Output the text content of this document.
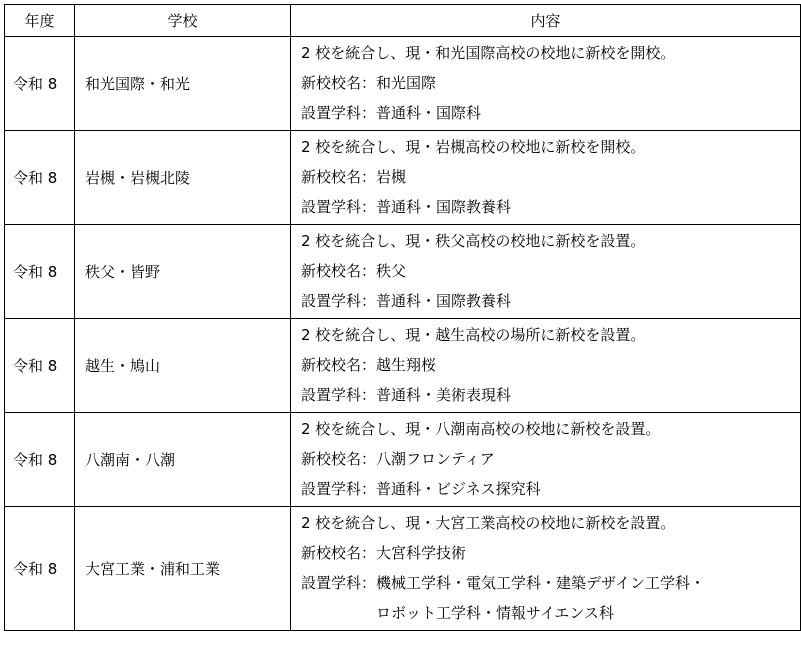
年度	学校	内容
令和 8	和光国際・和光	2 校を統合し、現・和光国際高校の校地に新校を開校。
新校校名：和光国際
設置学科： 普通科・国際科

令和 8	岩槻・岩槻北陵	2 校を統合し、現・岩槻高校の校地に新校を開校。
新校校名：岩槻
設置学科： 普通科・国際教養科

令和 8	秩父・皆野	2 校を統合し、現・秩父高校の校地に新校を設置。
新校校名：秩父
設置学科： 普通科・国際教養科

令和 8	越生・鳩山	2 校を統合し、現・越生高校の場所に新校を設置。
新校校名：越生翔桜
設置学科： 普通科・美術表現科

令和 8	八潮南・八潮	2 校を統合し、現・八潮南高校の校地に新校を設置。
新校校名：八潮フロンティア
設置学科： 普通科・ビジネス探究科

令和 8	大宮工業・浦和工業	2 校を統合し、現・大宮工業高校の校地に新校を設置。
新校校名：大宮科学技術
設置学科： 機械工学科・電気工学科・建築デザイン工学科・
ロボット工学科・情報サイエンス科
